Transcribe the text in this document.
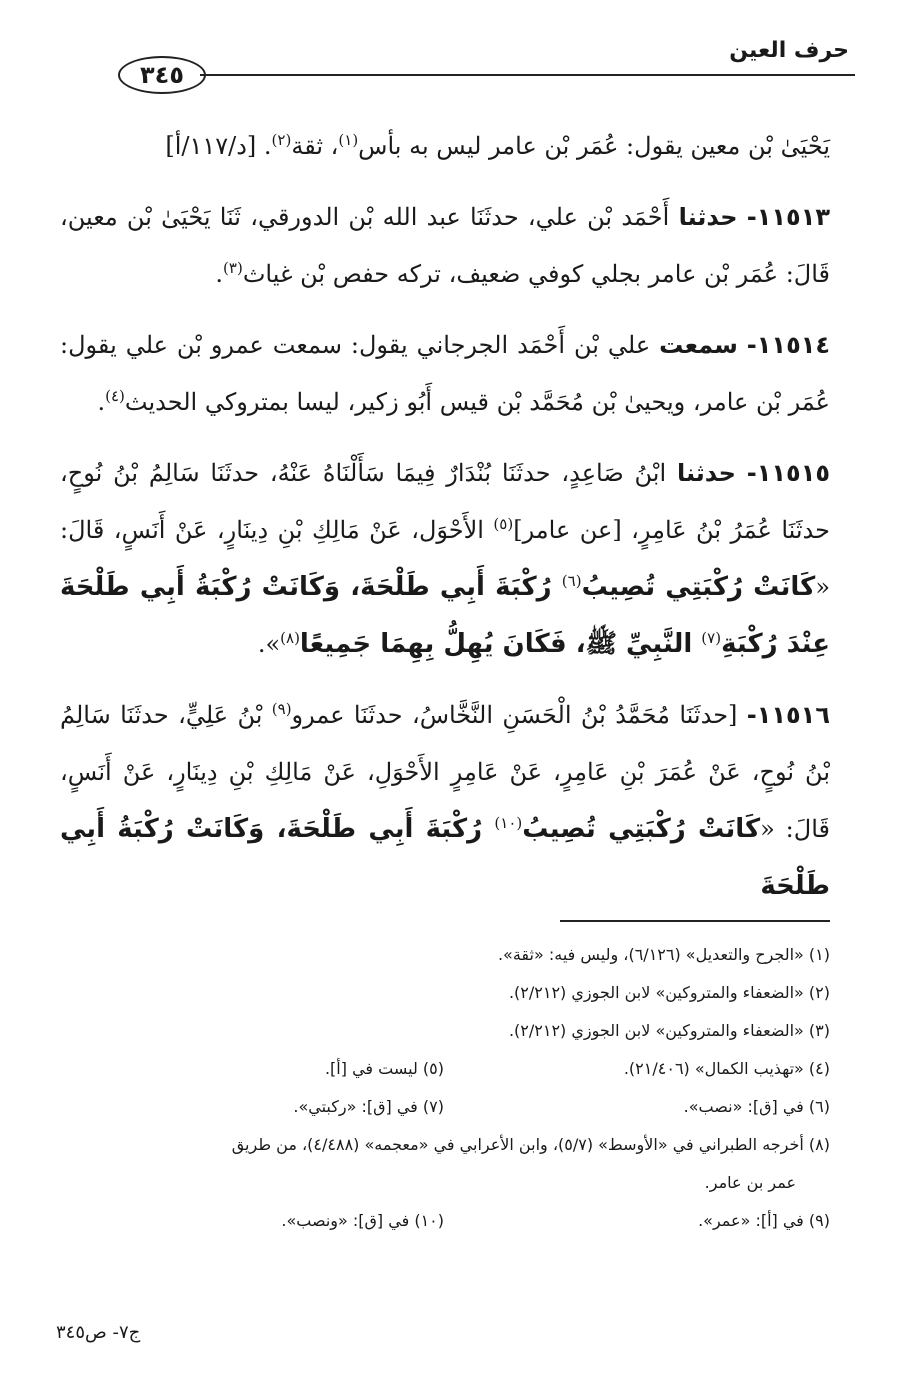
حرف العين
٣٤٥

يَحْيَىٰ بْن معين يقول: عُمَر بْن عامر ليس به بأس$^{(١)}$، ثقة$^{(٢)}$. [د/١١٧/أ]

١١٥١٣- حدثنا أَحْمَد بْن علي، حدثَنَا عبد الله بْن الدورقي، ثَنَا يَحْيَىٰ بْن معين، قَالَ: عُمَر بْن عامر بجلي كوفي ضعيف، تركه حفص بْن غياث$^{(٣)}$.

١١٥١٤- سمعت علي بْن أَحْمَد الجرجاني يقول: سمعت عمرو بْن علي يقول: عُمَر بْن عامر، ويحيىٰ بْن مُحَمَّد بْن قيس أَبُو زكير، ليسا بمتروكي الحديث$^{(٤)}$.

١١٥١٥- حدثنا ابْنُ صَاعِدٍ، حدثَنَا بُنْدَارٌ فِيمَا سَأَلْنَاهُ عَنْهُ، حدثَنَا سَالِمُ بْنُ نُوحٍ، حدثَنَا عُمَرُ بْنُ عَامِرٍ، [عن عامر]$^{(٥)}$ الأَحْوَل، عَنْ مَالِكِ بْنِ دِينَارٍ، عَنْ أَنَسٍ، قَالَ: «كَانَتْ رُكْبَتِي تُصِيبُ$^{(٦)}$ رُكْبَةَ أَبِي طَلْحَةَ، وَكَانَتْ رُكْبَةُ أَبِي طَلْحَةَ عِنْدَ رُكْبَةِ$^{(٧)}$ النَّبِيِّ ﷺ، فَكَانَ يُهِلُّ بِهِمَا جَمِيعًا$^{(٨)}$».

١١٥١٦- [حدثَنَا مُحَمَّدُ بْنُ الْحَسَنِ النَّخَّاسُ، حدثَنَا عمرو$^{(٩)}$ بْنُ عَلِيٍّ، حدثَنَا سَالِمُ بْنُ نُوحٍ، عَنْ عُمَرَ بْنِ عَامِرٍ، عَنْ عَامِرٍ الأَحْوَلِ، عَنْ مَالِكِ بْنِ دِينَارٍ، عَنْ أَنَسٍ، قَالَ: «كَانَتْ رُكْبَتِي تُصِيبُ$^{(١٠)}$ رُكْبَةَ أَبِي طَلْحَةَ، وَكَانَتْ رُكْبَةُ أَبِي طَلْحَةَ

(١) «الجرح والتعديل» (٦/١٢٦)، وليس فيه: «ثقة».
(٢) «الضعفاء والمتروكين» لابن الجوزي (٢/٢١٢).
(٣) «الضعفاء والمتروكين» لابن الجوزي (٢/٢١٢).
(٤) «تهذيب الكمال» (٢١/٤٠٦).
(٥) ليست في [أ].
(٦) في [ق]: «نصب».
(٧) في [ق]: «ركبتي».
(٨) أخرجه الطبراني في «الأوسط» (٥/٧)، وابن الأعرابي في «معجمه» (٤/٤٨٨)، من طريق
عمر بن عامر.
(٩) في [أ]: «عمر».
(١٠) في [ق]: «ونصب».
ج٧- ص٣٤٥
